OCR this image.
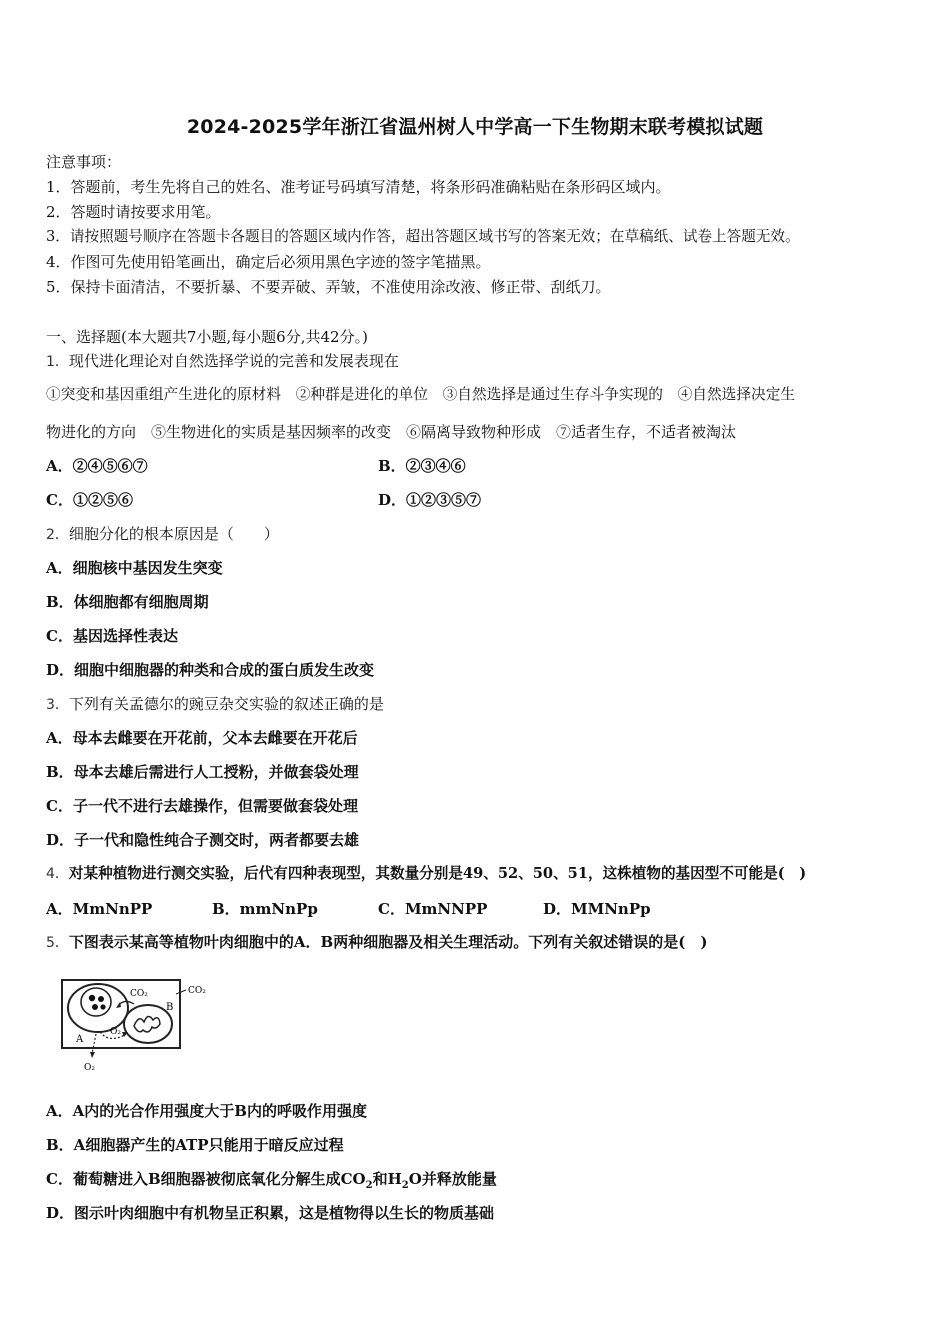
2024-2025学年浙江省温州树人中学高一下生物期末联考模拟试题
注意事项：
1．答题前，考生先将自己的姓名、准考证号码填写清楚，将条形码准确粘贴在条形码区域内。
2．答题时请按要求用笔。
3．请按照题号顺序在答题卡各题目的答题区域内作答，超出答题区域书写的答案无效；在草稿纸、试卷上答题无效。
4．作图可先使用铅笔画出，确定后必须用黑色字迹的签字笔描黑。
5．保持卡面清洁，不要折暴、不要弄破、弄皱，不准使用涂改液、修正带、刮纸刀。
一、选择题(本大题共7小题,每小题6分,共42分。)
1．现代进化理论对自然选择学说的完善和发展表现在
①突变和基因重组产生进化的原材料　②种群是进化的单位　③自然选择是通过生存斗争实现的　④自然选择决定生
物进化的方向　⑤生物进化的实质是基因频率的改变　⑥隔离导致物种形成　⑦适者生存，不适者被淘汰
A．②④⑤⑥⑦	B．②③④⑥
C．①②⑤⑥	D．①②③⑤⑦
2．细胞分化的根本原因是（　　）
A．细胞核中基因发生突变
B．体细胞都有细胞周期
C．基因选择性表达
D．细胞中细胞器的种类和合成的蛋白质发生改变
3．下列有关孟德尔的豌豆杂交实验的叙述正确的是
A．母本去雌要在开花前，父本去雌要在开花后
B．母本去雄后需进行人工授粉，并做套袋处理
C．子一代不进行去雄操作，但需要做套袋处理
D．子一代和隐性纯合子测交时，两者都要去雄
4．对某种植物进行测交实验，后代有四种表现型，其数量分别是49、52、50、51，这株植物的基因型不可能是(　)
A．MmNnPP	B．mmNnPp	C．MmNNPP	D．MMNnPp
5．下图表示某高等植物叶肉细胞中的A．B两种细胞器及相关生理活动。下列有关叙述错误的是(　)
CO₂	CO₂
B
O₂
A
O₂
A．A内的光合作用强度大于B内的呼吸作用强度
B．A细胞器产生的ATP只能用于暗反应过程
C．葡萄糖进入B细胞器被彻底氧化分解生成$CO_2$和$H_2O$并释放能量
D．图示叶肉细胞中有机物呈正积累，这是植物得以生长的物质基础
